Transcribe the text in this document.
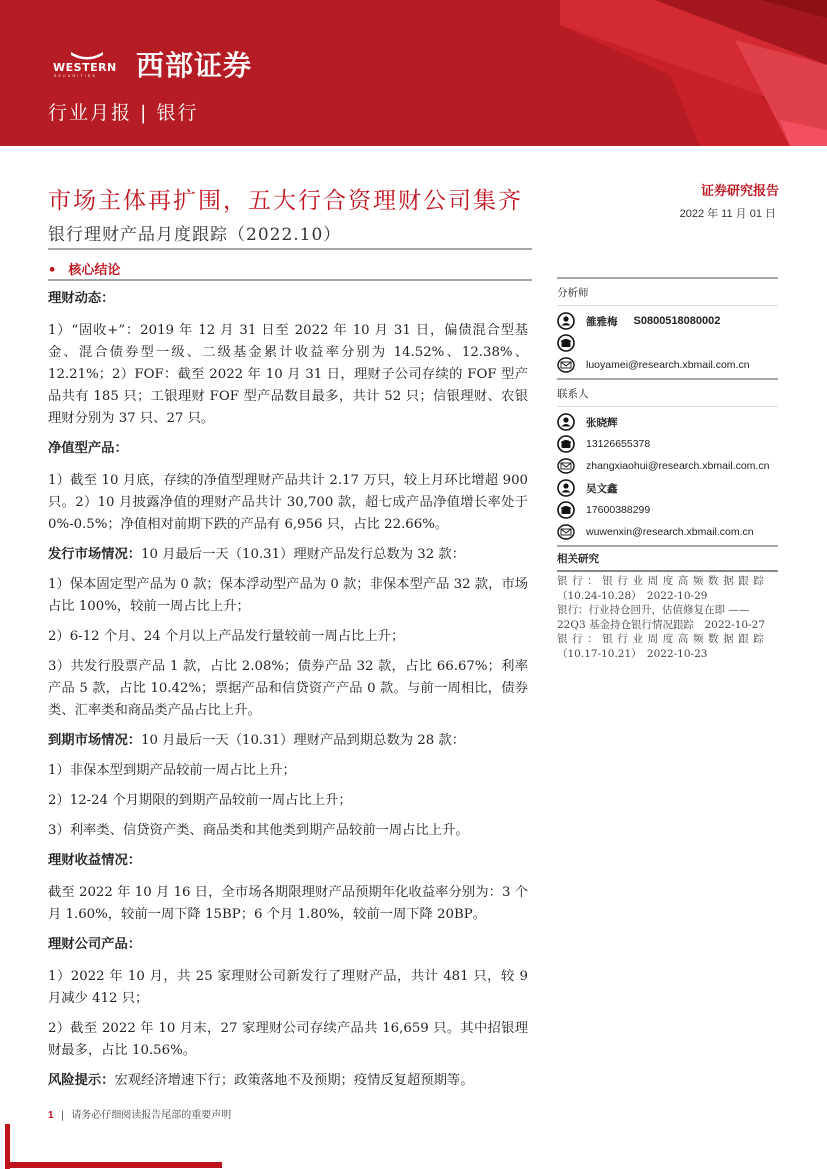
WESTERN
SECURITIES 西部证券
行业月报 | 银行
市场主体再扩围，五大行合资理财公司集齐
银行理财产品月度跟踪（2022.10）
证券研究报告
2022 年 11 月 01 日
• 核心结论

理财动态：

1）“固收+”：2019 年 12 月 31 日至 2022 年 10 月 31 日，偏债混合型基金、混合债券型一级、二级基金累计收益率分别为 14.52%、12.38%、12.21%；2）FOF：截至 2022 年 10 月 31 日，理财子公司存续的 FOF 型产品共有 185 只；工银理财 FOF 型产品数目最多，共计 52 只；信银理财、农银理财分别为 37 只、27 只。

净值型产品：

1）截至 10 月底，存续的净值型理财产品共计 2.17 万只，较上月环比增超 900 只。2）10 月披露净值的理财产品共计 30,700 款，超七成产品净值增长率处于 0%-0.5%；净值相对前期下跌的产品有 6,956 只，占比 22.66%。

发行市场情况：10 月最后一天（10.31）理财产品发行总数为 32 款：

1）保本固定型产品为 0 款；保本浮动型产品为 0 款；非保本型产品 32 款，市场占比 100%，较前一周占比上升；

2）6-12 个月、24 个月以上产品发行量较前一周占比上升；

3）共发行股票产品 1 款，占比 2.08%；债券产品 32 款，占比 66.67%；利率产品 5 款，占比 10.42%；票据产品和信贷资产产品 0 款。与前一周相比，债券类、汇率类和商品类产品占比上升。

到期市场情况：10 月最后一天（10.31）理财产品到期总数为 28 款：

1）非保本型到期产品较前一周占比上升；

2）12-24 个月期限的到期产品较前一周占比上升；

3）利率类、信贷资产类、商品类和其他类到期产品较前一周占比上升。

理财收益情况：

截至 2022 年 10 月 16 日，全市场各期限理财产品预期年化收益率分别为：3 个月 1.60%，较前一周下降 15BP；6 个月 1.80%，较前一周下降 20BP。

理财公司产品：

1）2022 年 10 月，共 25 家理财公司新发行了理财产品，共计 481 只，较 9 月减少 412 只；

2）截至 2022 年 10 月末，27 家理财公司存续产品共 16,659 只。其中招银理财最多，占比 10.56%。

风险提示：宏观经济增速下行；政策落地不及预期；疫情反复超预期等。

分析师
雒雅梅 S0800518080002
luoyamei@research.xbmail.com.cn
联系人
张晓辉
13126655378
zhangxiaohui@research.xbmail.com.cn
吴文鑫
17600388299
wuwenxin@research.xbmail.com.cn
相关研究
银行：银行业周度高频数据跟踪
（10.24-10.28）　2022-10-29
银行：行业持仓回升，估值修复在即 ——
22Q3 基金持仓银行情况跟踪　2022-10-27
银行：银行业周度高频数据跟踪
（10.17-10.21）　2022-10-23
1 | 请务必仔细阅读报告尾部的重要声明
